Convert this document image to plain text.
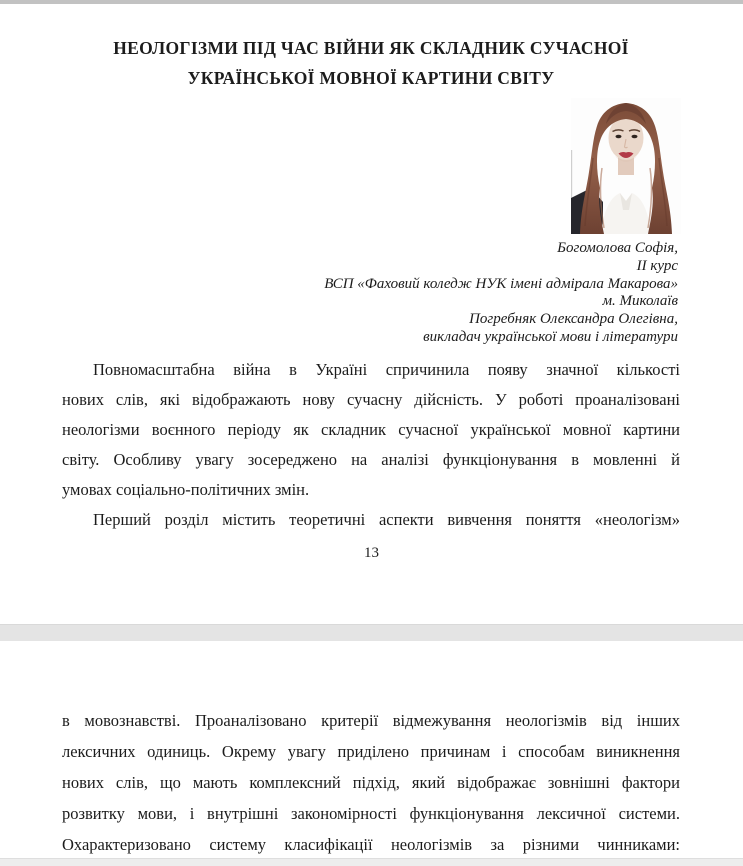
НЕОЛОГІЗМИ ПІД ЧАС ВІЙНИ ЯК СКЛАДНИК СУЧАСНОЇ
УКРАЇНСЬКОЇ МОВНОЇ КАРТИНИ СВІТУ
Богомолова Софія,
ІІ курс
ВСП «Фаховий коледж НУК імені адмірала Макарова»
м. Миколаїв
Погребняк Олександра Олегівна,
викладач української мови і літератури
Повномасштабна війна в Україні спричинила появу значної кількості
нових слів, які відображають нову сучасну дійсність. У роботі проаналізовані
неологізми воєнного періоду як складник сучасної української мовної картини
світу. Особливу увагу зосереджено на аналізі функціонування в мовленні й
умовах соціально-політичних змін.
Перший розділ містить теоретичні аспекти вивчення поняття «неологізм»
13
в мовознавстві. Проаналізовано критерії відмежування неологізмів від інших
лексичних одиниць. Окрему увагу приділено причинам і способам виникнення
нових слів, що мають комплексний підхід, який відображає зовнішні фактори
розвитку мови, і внутрішні закономірності функціонування лексичної системи.
Охарактеризовано систему класифікації неологізмів за різними чинниками:
